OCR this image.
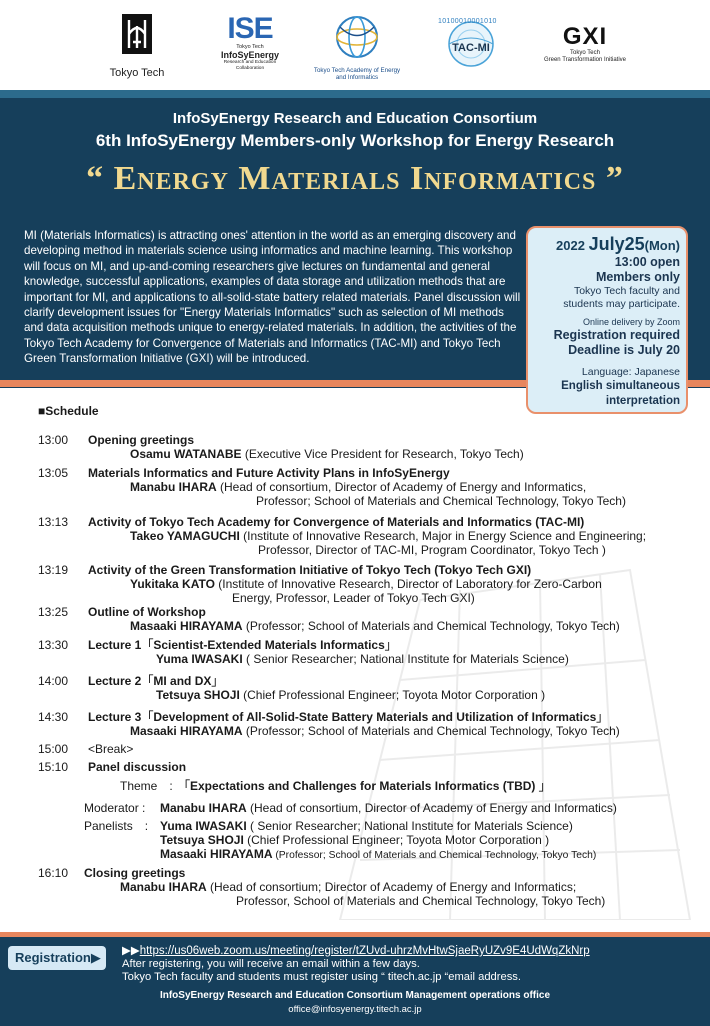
Tokyo Tech
ISE
Tokyo Tech
InfoSyEnergy
Research and Education
Collaboration	Tokyo Tech Academy of Energy and Informatics
10100010001010
TAC-MI	GXI
Tokyo Tech
Green Transformation Initiative
InfoSyEnergy Research and Education Consortium
6th InfoSyEnergy Members-only Workshop for Energy Research
“ Energy Materials Informatics ”
MI (Materials Informatics) is attracting ones' attention in the world as an emerging discovery and developing method in materials science using informatics and machine learning. This workshop will focus on MI, and up-and-coming researchers give lectures on fundamental and general knowledge, successful applications, examples of data storage and utilization methods that are important for MI, and applications to all-solid-state battery related materials. Panel discussion will clarify development issues for "Energy Materials Informatics" such as selection of MI methods and data acquisition methods unique to energy-related materials. In addition, the activities of the Tokyo Tech Academy for Convergence of Materials and Informatics (TAC-MI) and Tokyo Tech Green Transformation Initiative (GXI) will be introduced.
2022 July25(Mon)
13:00 open
Members only
Tokyo Tech faculty and
students may participate.
Online delivery by Zoom
Registration required
Deadline is July 20
Language: Japanese
English simultaneous
interpretation
■Schedule
13:00 Opening greetings
Osamu WATANABE (Executive Vice President for Research, Tokyo Tech)
13:05 Materials Informatics and Future Activity Plans in InfoSyEnergy
Manabu IHARA (Head of consortium, Director of Academy of Energy and Informatics,
Professor; School of Materials and Chemical Technology, Tokyo Tech)
13:13 Activity of Tokyo Tech Academy for Convergence of Materials and Informatics (TAC-MI)
Takeo YAMAGUCHI (Institute of Innovative Research, Major in Energy Science and Engineering;
Professor, Director of TAC-MI, Program Coordinator, Tokyo Tech )
13:19 Activity of the Green Transformation Initiative of Tokyo Tech (Tokyo Tech GXI)
Yukitaka KATO (Institute of Innovative Research, Director of Laboratory for Zero-Carbon
Energy, Professor, Leader of Tokyo Tech GXI)
13:25 Outline of Workshop
Masaaki HIRAYAMA (Professor; School of Materials and Chemical Technology, Tokyo Tech)
13:30 Lecture 1「Scientist-Extended Materials Informatics」
Yuma IWASAKI ( Senior Researcher; National Institute for Materials Science)
14:00 Lecture 2「MI and DX」
Tetsuya SHOJI (Chief Professional Engineer; Toyota Motor Corporation )
14:30 Lecture 3「Development of All-Solid-State Battery Materials and Utilization of Informatics」
Masaaki HIRAYAMA (Professor; School of Materials and Chemical Technology, Tokyo Tech)
15:00 <Break>
15:10 Panel discussion
Theme　: 「Expectations and Challenges for Materials Informatics (TBD) 」
Moderator : Manabu IHARA (Head of consortium, Director of Academy of Energy and Informatics)
Panelists　: Yuma IWASAKI ( Senior Researcher; National Institute for Materials Science)
Tetsuya SHOJI (Chief Professional Engineer; Toyota Motor Corporation )
Masaaki HIRAYAMA (Professor; School of Materials and Chemical Technology, Tokyo Tech)
16:10 Closing greetings
Manabu IHARA (Head of consortium; Director of Academy of Energy and Informatics;
Professor, School of Materials and Chemical Technology, Tokyo Tech)
Registration▶	▶▶https://us06web.zoom.us/meeting/register/tZUvd-uhrzMvHtwSjaeRyUZv9E4UdWqZkNrp
After registering, you will receive an email within a few days.
Tokyo Tech faculty and students must register using “ titech.ac.jp “email address.
InfoSyEnergy Research and Education Consortium Management operations office
office@infosyenergy.titech.ac.jp
